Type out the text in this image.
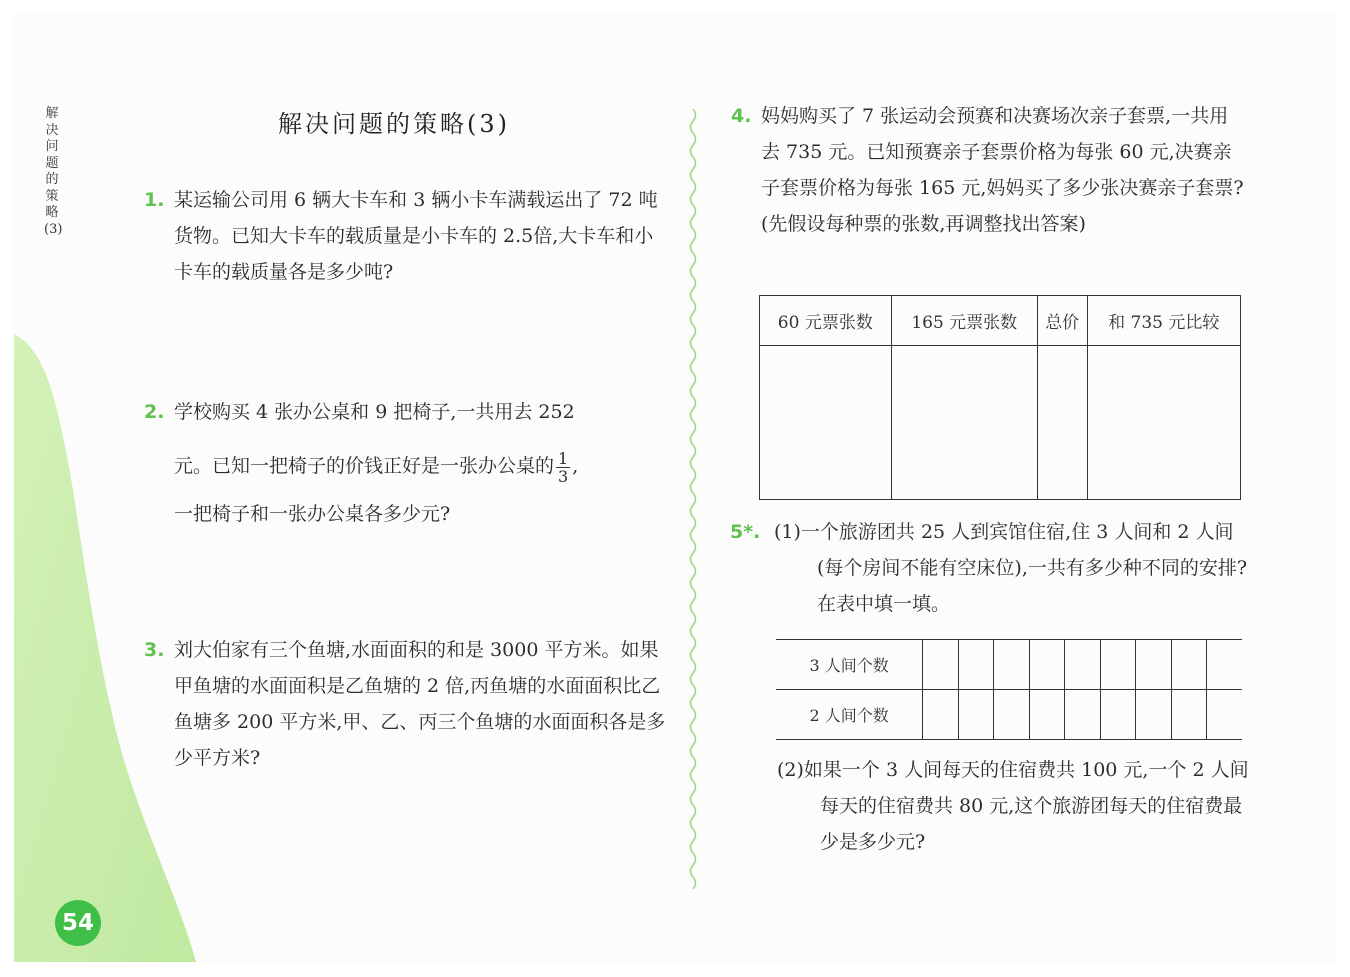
解决问题的策略(3)
54
解决问题的策略(3)
1. 某运输公司用 6 辆大卡车和 3 辆小卡车满载运出了 72 吨货物。已知大卡车的载质量是小卡车的 2.5倍,大卡车和小卡车的载质量各是多少吨?

2. 学校购买 4 张办公桌和 9 把椅子,一共用去 252

元。已知一把椅子的价钱正好是一张办公桌的 $\frac{1}{3}$ ,

一把椅子和一张办公桌各多少元?

3. 刘大伯家有三个鱼塘,水面面积的和是 3000 平方米。如果甲鱼塘的水面面积是乙鱼塘的 2 倍,丙鱼塘的水面面积比乙鱼塘多 200 平方米,甲、乙、丙三个鱼塘的水面面积各是多少平方米?

4. 妈妈购买了 7 张运动会预赛和决赛场次亲子套票,一共用去 735 元。已知预赛亲子套票价格为每张 60 元,决赛亲子套票价格为每张 165 元,妈妈买了多少张决赛亲子套票?(先假设每种票的张数,再调整找出答案)

60 元票张数	165 元票张数	总价	和 735 元比较

5*. (1)一个旅游团共 25 人到宾馆住宿,住 3 人间和 2 人间(每个房间不能有空床位),一共有多少种不同的安排?在表中填一填。

3 人间个数									
2 人间个数									

(2)如果一个 3 人间每天的住宿费共 100 元,一个 2 人间每天的住宿费共 80 元,这个旅游团每天的住宿费最少是多少元?
